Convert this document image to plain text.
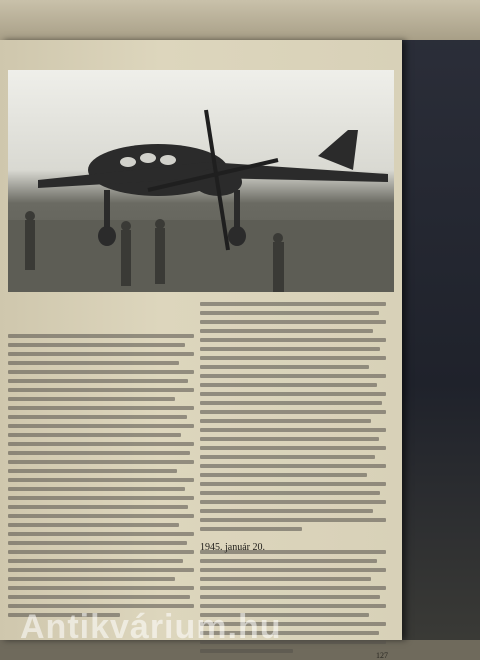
1945. január 20.
127
Antikvárium.hu
